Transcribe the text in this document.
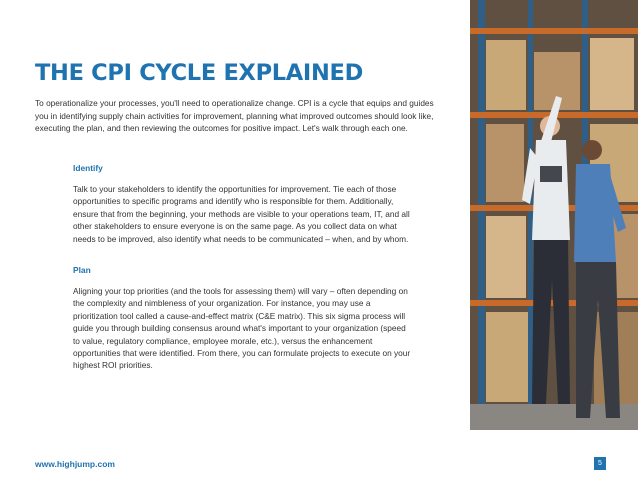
THE CPI CYCLE EXPLAINED

To operationalize your processes, you'll need to operationalize change. CPI is a cycle that equips and guides you in identifying supply chain activities for improvement, planning what improved outcomes should look like, executing the plan, and then reviewing the outcomes for positive impact. Let's walk through each one.

Identify

Talk to your stakeholders to identify the opportunities for improvement. Tie each of those opportunities to specific programs and identify who is responsible for them. Additionally, ensure that from the beginning, your methods are visible to your operations team, IT, and all other stakeholders to ensure everyone is on the same page. As you collect data on what needs to be improved, also identify what needs to be communicated – when, and by whom.

Plan

Aligning your top priorities (and the tools for assessing them) will vary – often depending on the complexity and nimbleness of your organization. For instance, you may use a prioritization tool called a cause-and-effect matrix (C&E matrix). This six sigma process will guide you through building consensus around what's important to your organization (speed to value, regulatory compliance, employee morale, etc.), versus the enhancement opportunities that were identified. From there, you can formulate projects to execute on your highest ROI priorities.

www.highjump.com	5
